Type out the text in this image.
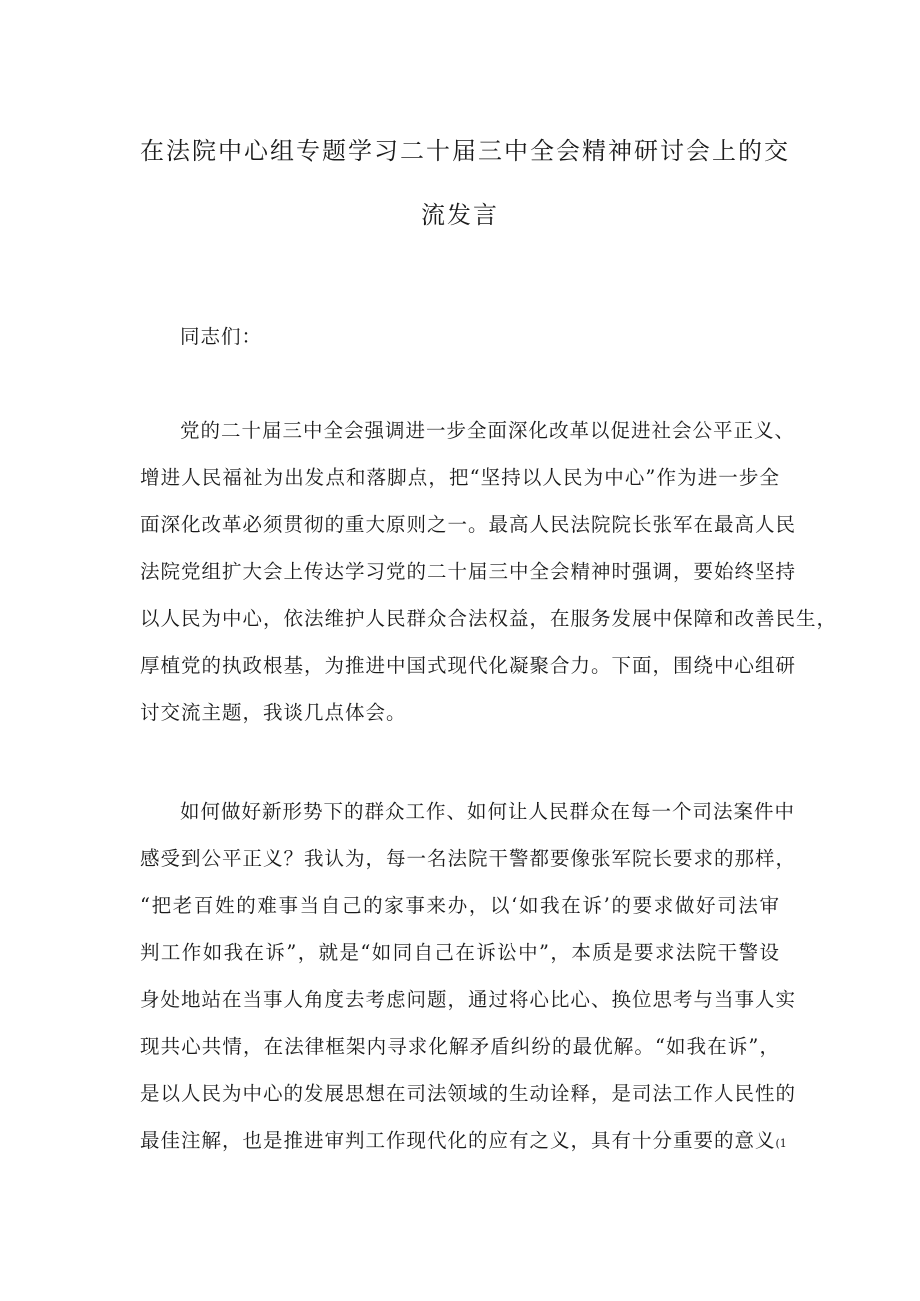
在法院中心组专题学习二十届三中全会精神研讨会上的交
流发言
同志们：
党的二十届三中全会强调进一步全面深化改革以促进社会公平正义、
增进人民福祉为出发点和落脚点，把“坚持以人民为中心”作为进一步全
面深化改革必须贯彻的重大原则之一。最高人民法院院长张军在最高人民
法院党组扩大会上传达学习党的二十届三中全会精神时强调，要始终坚持
以人民为中心，依法维护人民群众合法权益，在服务发展中保障和改善民生，
厚植党的执政根基，为推进中国式现代化凝聚合力。下面，围绕中心组研
讨交流主题，我谈几点体会。
如何做好新形势下的群众工作、如何让人民群众在每一个司法案件中
感受到公平正义？我认为，每一名法院干警都要像张军院长要求的那样，
“把老百姓的难事当自己的家事来办，以‘如我在诉’的要求做好司法审
判工作如我在诉”，就是“如同自己在诉讼中”，本质是要求法院干警设
身处地站在当事人角度去考虑问题，通过将心比心、换位思考与当事人实
现共心共情，在法律框架内寻求化解矛盾纠纷的最优解。“如我在诉”，
是以人民为中心的发展思想在司法领域的生动诠释，是司法工作人民性的
最佳注解，也是推进审判工作现代化的应有之义，具有十分重要的意义(1
